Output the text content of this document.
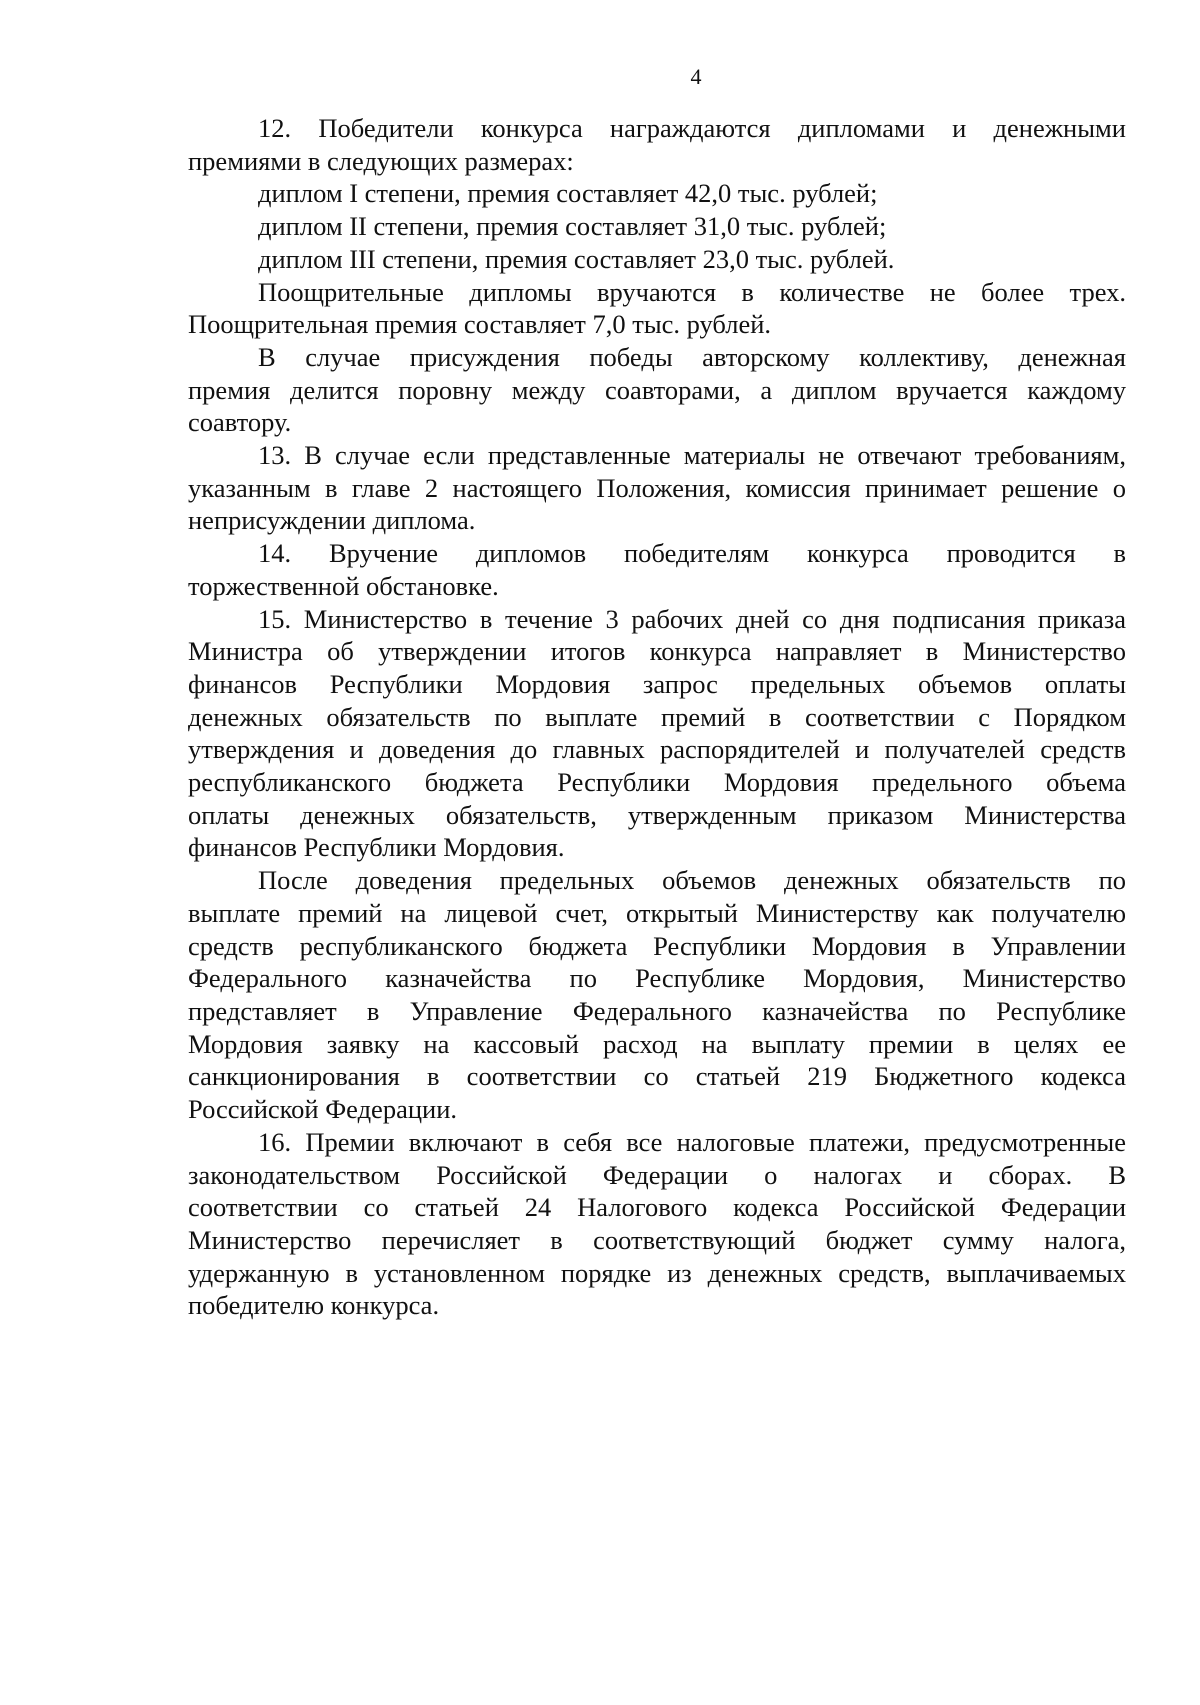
4

12. Победители конкурса награждаются дипломами и денежными

премиями в следующих размерах:

диплом I степени, премия составляет 42,0 тыс. рублей;

диплом II степени, премия составляет 31,0 тыс. рублей;

диплом III степени, премия составляет 23,0 тыс. рублей.

Поощрительные дипломы вручаются в количестве не более трех.

Поощрительная премия составляет 7,0 тыс. рублей.

В случае присуждения победы авторскому коллективу, денежная

премия делится поровну между соавторами, а диплом вручается каждому

соавтору.

13. В случае если представленные материалы не отвечают требованиям,

указанным в главе 2 настоящего Положения, комиссия принимает решение о

неприсуждении диплома.

14. Вручение дипломов победителям конкурса проводится в

торжественной обстановке.

15. Министерство в течение 3 рабочих дней со дня подписания приказа

Министра об утверждении итогов конкурса направляет в Министерство

финансов Республики Мордовия запрос предельных объемов оплаты

денежных обязательств по выплате премий в соответствии с Порядком

утверждения и доведения до главных распорядителей и получателей средств

республиканского бюджета Республики Мордовия предельного объема

оплаты денежных обязательств, утвержденным приказом Министерства

финансов Республики Мордовия.

После доведения предельных объемов денежных обязательств по

выплате премий на лицевой счет, открытый Министерству как получателю

средств республиканского бюджета Республики Мордовия в Управлении

Федерального казначейства по Республике Мордовия, Министерство

представляет в Управление Федерального казначейства по Республике

Мордовия заявку на кассовый расход на выплату премии в целях ее

санкционирования в соответствии со статьей 219 Бюджетного кодекса

Российской Федерации.

16. Премии включают в себя все налоговые платежи, предусмотренные

законодательством Российской Федерации о налогах и сборах. В

соответствии со статьей 24 Налогового кодекса Российской Федерации

Министерство перечисляет в соответствующий бюджет сумму налога,

удержанную в установленном порядке из денежных средств, выплачиваемых

победителю конкурса.
